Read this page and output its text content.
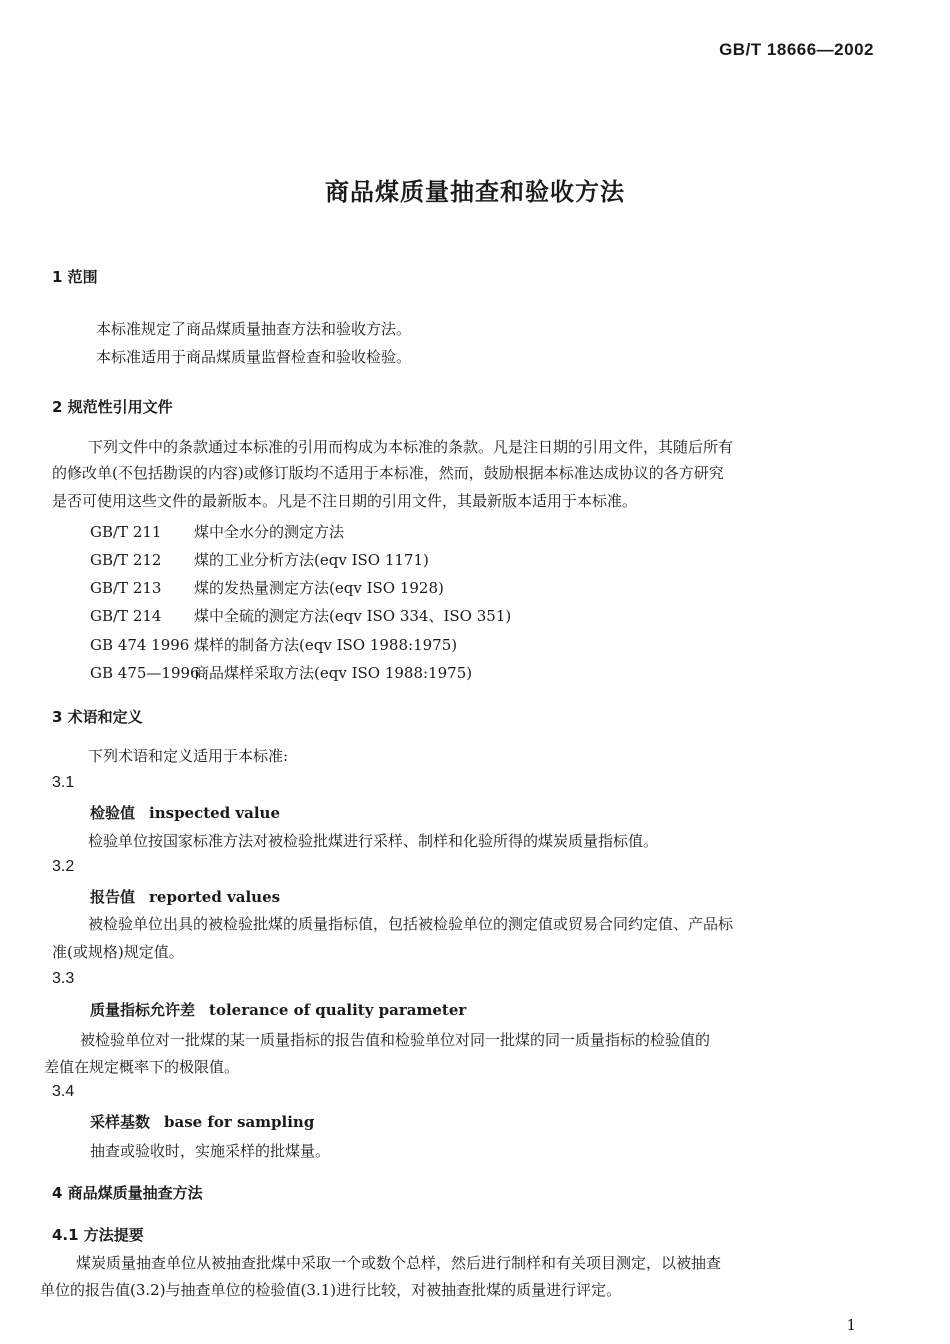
GB/T 18666—2002
商品煤质量抽查和验收方法
1 范围
本标准规定了商品煤质量抽查方法和验收方法。
本标准适用于商品煤质量监督检查和验收检验。
2 规范性引用文件
下列文件中的条款通过本标准的引用而构成为本标准的条款。凡是注日期的引用文件，其随后所有
的修改单(不包括勘误的内容)或修订版均不适用于本标准，然而，鼓励根据本标准达成协议的各方研究
是否可使用这些文件的最新版本。凡是不注日期的引用文件，其最新版本适用于本标准。
GB/T 211 煤中全水分的测定方法
GB/T 212 煤的工业分析方法(eqv ISO 1171)
GB/T 213 煤的发热量测定方法(eqv ISO 1928)
GB/T 214 煤中全硫的测定方法(eqv ISO 334、ISO 351)
GB 474 1996 煤样的制备方法(eqv ISO 1988:1975)
GB 475—1996商品煤样采取方法(eqv ISO 1988:1975)
3 术语和定义
下列术语和定义适用于本标准:
3.1
检验值 inspected value
检验单位按国家标准方法对被检验批煤进行采样、制样和化验所得的煤炭质量指标值。
3.2
报告值 reported values
被检验单位出具的被检验批煤的质量指标值，包括被检验单位的测定值或贸易合同约定值、产品标
准(或规格)规定值。
3.3
质量指标允许差 tolerance of quality parameter
被检验单位对一批煤的某一质量指标的报告值和检验单位对同一批煤的同一质量指标的检验值的
差值在规定概率下的极限值。
3.4
采样基数 base for sampling
抽查或验收时，实施采样的批煤量。
4 商品煤质量抽查方法
4.1 方法提要
煤炭质量抽查单位从被抽查批煤中采取一个或数个总样，然后进行制样和有关项目测定，以被抽查
单位的报告值(3.2)与抽查单位的检验值(3.1)进行比较，对被抽查批煤的质量进行评定。
1
